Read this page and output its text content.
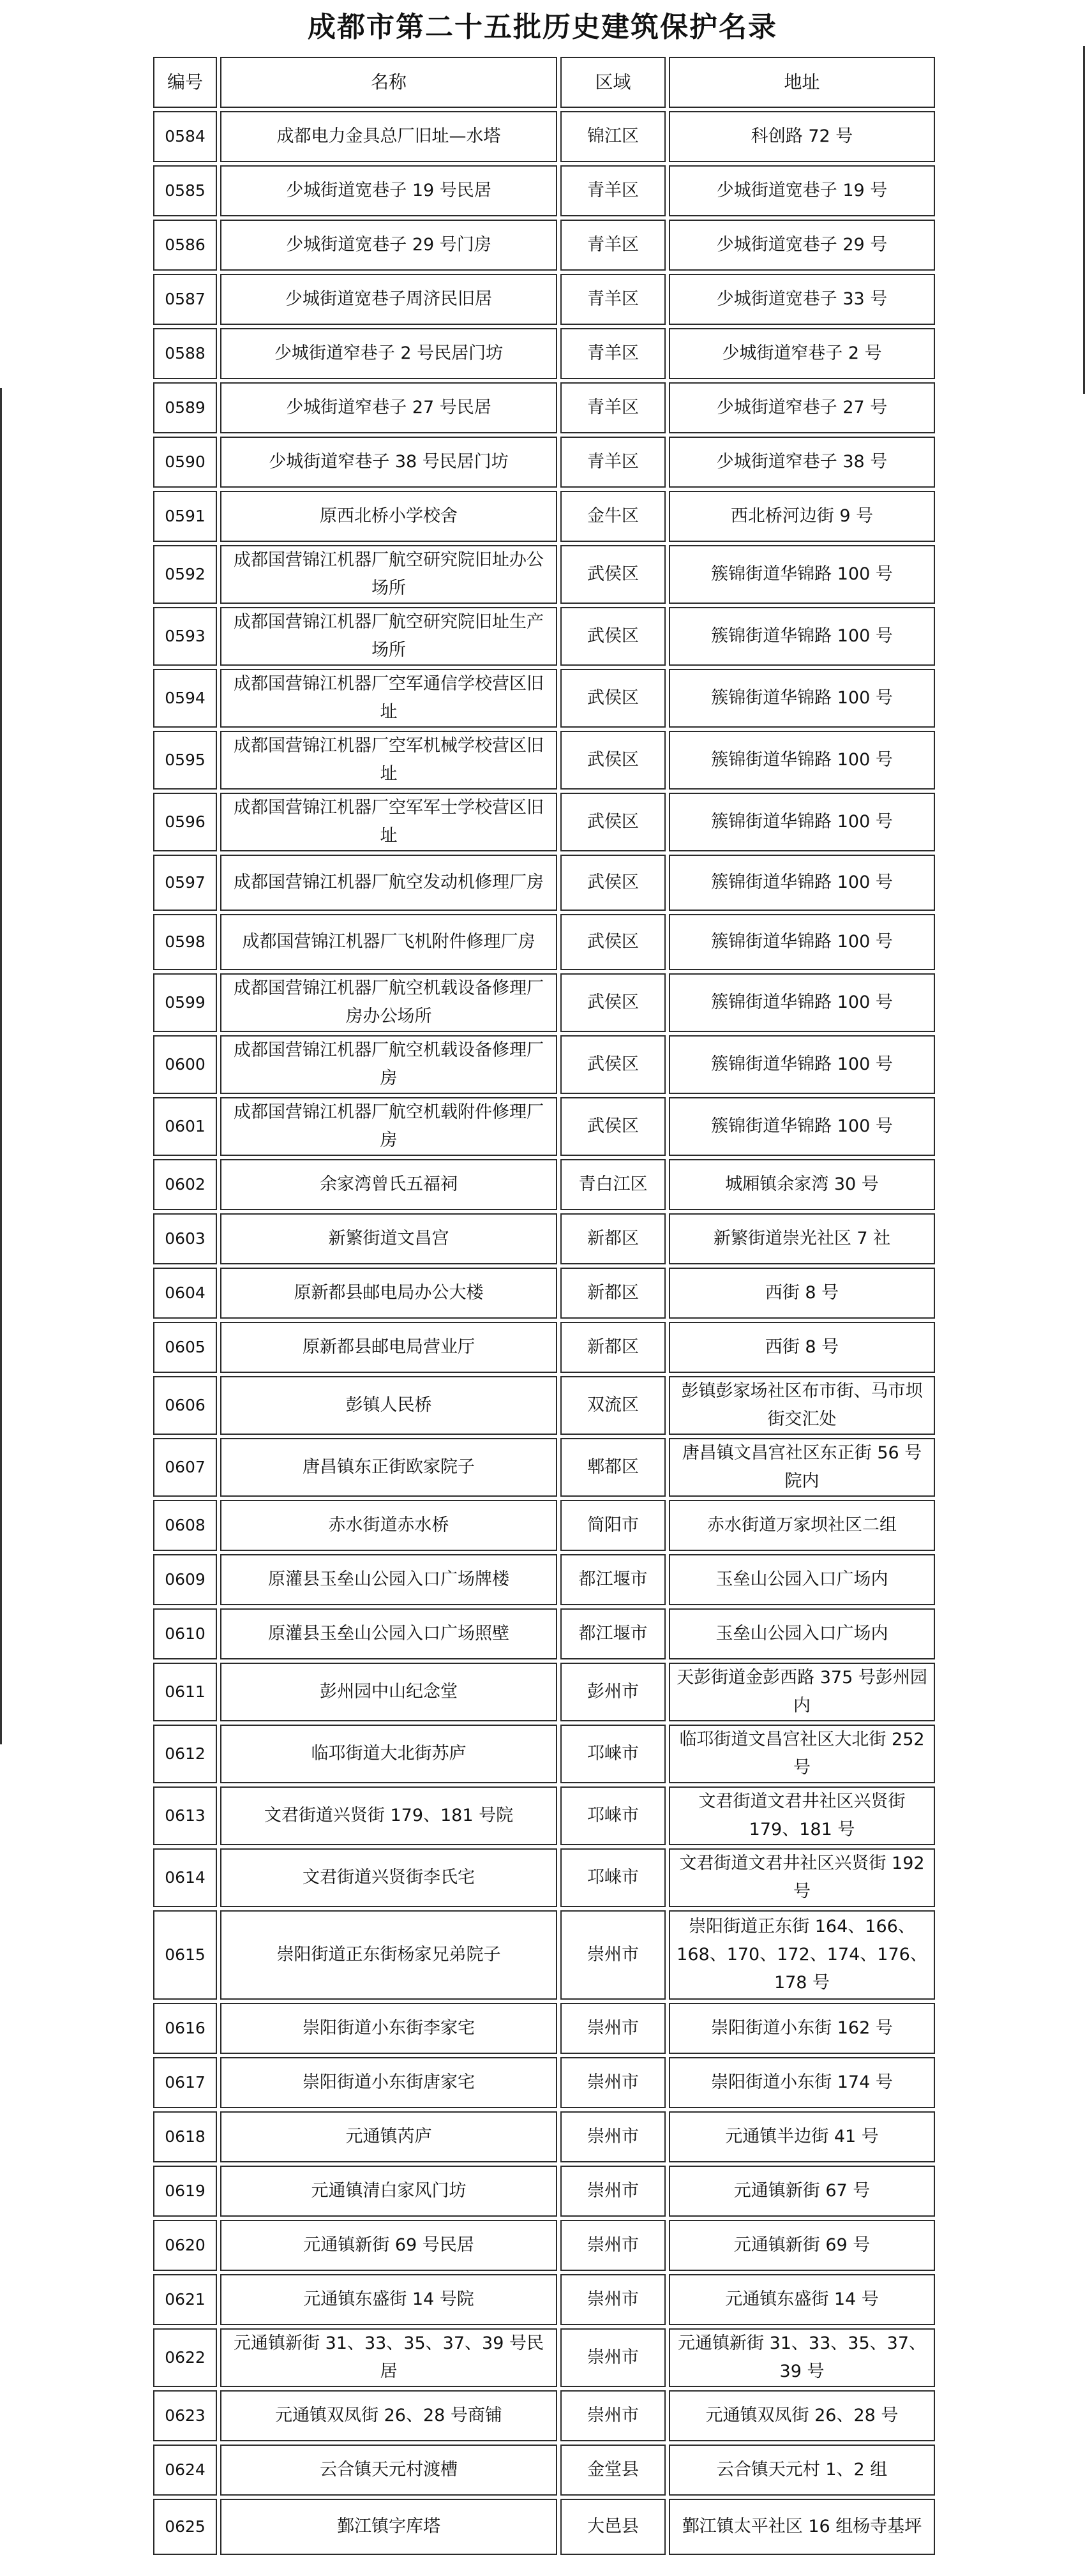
成都市第二十五批历史建筑保护名录
编号	名称	区域	地址
0584	成都电力金具总厂旧址—水塔	锦江区	科创路 72 号
0585	少城街道宽巷子 19 号民居	青羊区	少城街道宽巷子 19 号
0586	少城街道宽巷子 29 号门房	青羊区	少城街道宽巷子 29 号
0587	少城街道宽巷子周济民旧居	青羊区	少城街道宽巷子 33 号
0588	少城街道窄巷子 2 号民居门坊	青羊区	少城街道窄巷子 2 号
0589	少城街道窄巷子 27 号民居	青羊区	少城街道窄巷子 27 号
0590	少城街道窄巷子 38 号民居门坊	青羊区	少城街道窄巷子 38 号
0591	原西北桥小学校舍	金牛区	西北桥河边街 9 号
0592	成都国营锦江机器厂航空研究院旧址办公场所	武侯区	簇锦街道华锦路 100 号
0593	成都国营锦江机器厂航空研究院旧址生产场所	武侯区	簇锦街道华锦路 100 号
0594	成都国营锦江机器厂空军通信学校营区旧址	武侯区	簇锦街道华锦路 100 号
0595	成都国营锦江机器厂空军机械学校营区旧址	武侯区	簇锦街道华锦路 100 号
0596	成都国营锦江机器厂空军军士学校营区旧址	武侯区	簇锦街道华锦路 100 号
0597	成都国营锦江机器厂航空发动机修理厂房	武侯区	簇锦街道华锦路 100 号
0598	成都国营锦江机器厂飞机附件修理厂房	武侯区	簇锦街道华锦路 100 号
0599	成都国营锦江机器厂航空机载设备修理厂房办公场所	武侯区	簇锦街道华锦路 100 号
0600	成都国营锦江机器厂航空机载设备修理厂房	武侯区	簇锦街道华锦路 100 号
0601	成都国营锦江机器厂航空机载附件修理厂房	武侯区	簇锦街道华锦路 100 号
0602	余家湾曾氏五福祠	青白江区	城厢镇余家湾 30 号
0603	新繁街道文昌宫	新都区	新繁街道崇光社区 7 社
0604	原新都县邮电局办公大楼	新都区	西街 8 号
0605	原新都县邮电局营业厅	新都区	西街 8 号
0606	彭镇人民桥	双流区	彭镇彭家场社区布市街、马市坝街交汇处
0607	唐昌镇东正街欧家院子	郫都区	唐昌镇文昌宫社区东正街 56 号院内
0608	赤水街道赤水桥	简阳市	赤水街道万家坝社区二组
0609	原灌县玉垒山公园入口广场牌楼	都江堰市	玉垒山公园入口广场内
0610	原灌县玉垒山公园入口广场照壁	都江堰市	玉垒山公园入口广场内
0611	彭州园中山纪念堂	彭州市	天彭街道金彭西路 375 号彭州园内
0612	临邛街道大北街苏庐	邛崃市	临邛街道文昌宫社区大北街 252 号
0613	文君街道兴贤街 179、181 号院	邛崃市	文君街道文君井社区兴贤街 179、181 号
0614	文君街道兴贤街李氏宅	邛崃市	文君街道文君井社区兴贤街 192 号
0615	崇阳街道正东街杨家兄弟院子	崇州市	崇阳街道正东街 164、166、168、170、172、174、176、178 号
0616	崇阳街道小东街李家宅	崇州市	崇阳街道小东街 162 号
0617	崇阳街道小东街唐家宅	崇州市	崇阳街道小东街 174 号
0618	元通镇芮庐	崇州市	元通镇半边街 41 号
0619	元通镇清白家风门坊	崇州市	元通镇新街 67 号
0620	元通镇新街 69 号民居	崇州市	元通镇新街 69 号
0621	元通镇东盛街 14 号院	崇州市	元通镇东盛街 14 号
0622	元通镇新街 31、33、35、37、39 号民居	崇州市	元通镇新街 31、33、35、37、39 号
0623	元通镇双凤街 26、28 号商铺	崇州市	元通镇双凤街 26、28 号
0624	云合镇天元村渡槽	金堂县	云合镇天元村 1、2 组
0625	鄞江镇字库塔	大邑县	鄞江镇太平社区 16 组杨寺基坪
